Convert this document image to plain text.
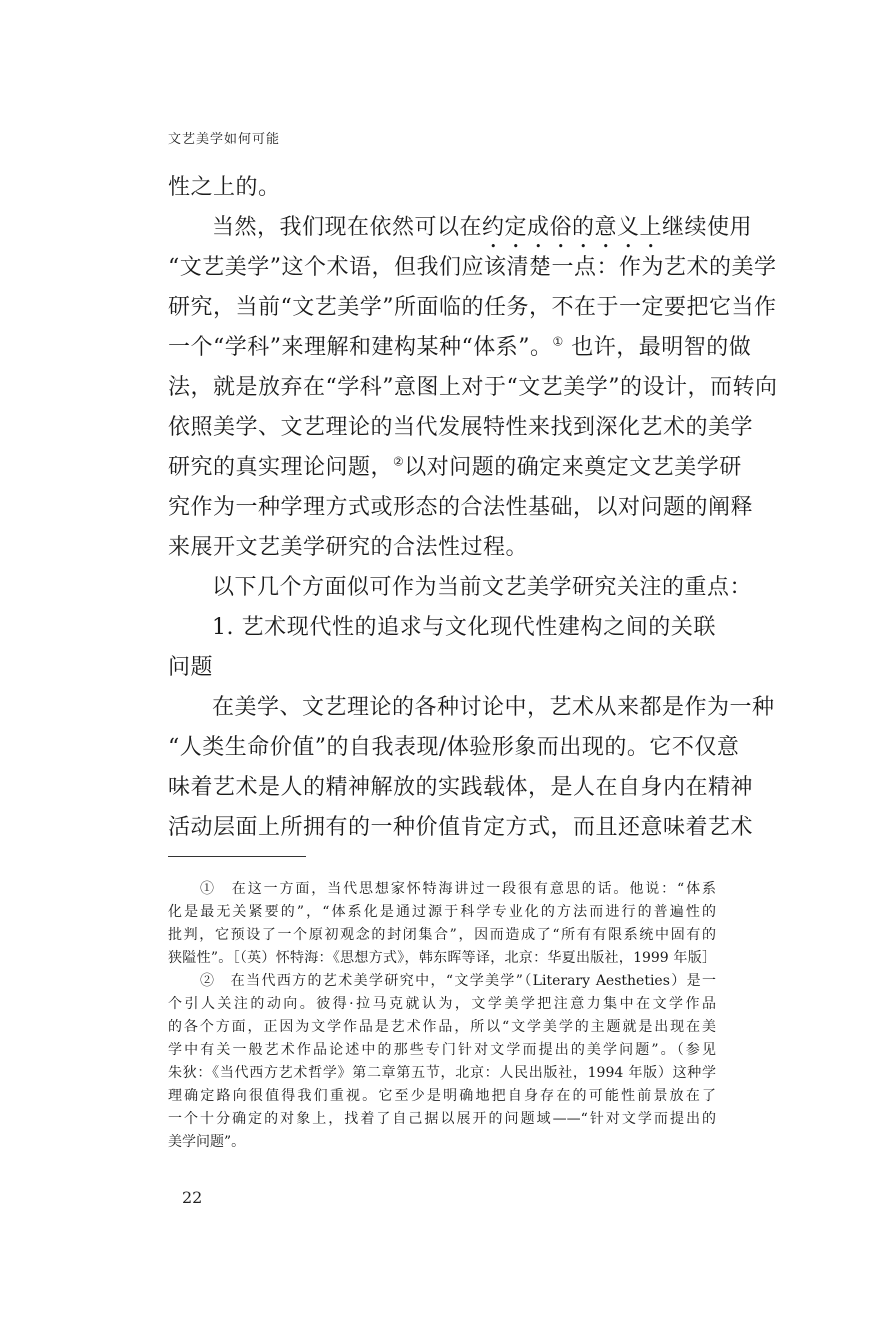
文艺美学如何可能
性之上的。
当然，我们现在依然可以在约定成俗的意义上继续使用
“文艺美学”这个术语，但我们应该清楚一点：作为艺术的美学
研究，当前“文艺美学”所面临的任务，不在于一定要把它当作
一个“学科”来理解和建构某种“体系”。① 也许，最明智的做
法，就是放弃在“学科”意图上对于“文艺美学”的设计，而转向
依照美学、文艺理论的当代发展特性来找到深化艺术的美学
研究的真实理论问题，②以对问题的确定来奠定文艺美学研
究作为一种学理方式或形态的合法性基础，以对问题的阐释
来展开文艺美学研究的合法性过程。
以下几个方面似可作为当前文艺美学研究关注的重点：
1. 艺术现代性的追求与文化现代性建构之间的关联
问题
在美学、文艺理论的各种讨论中，艺术从来都是作为一种
“人类生命价值”的自我表现/体验形象而出现的。它不仅意
味着艺术是人的精神解放的实践载体，是人在自身内在精神
活动层面上所拥有的一种价值肯定方式，而且还意味着艺术
①　在这一方面，当代思想家怀特海讲过一段很有意思的话。他说：“体系
化是最无关紧要的”，“体系化是通过源于科学专业化的方法而进行的普遍性的
批判，它预设了一个原初观念的封闭集合”，因而造成了“所有有限系统中固有的
狭隘性”。［（英）怀特海：《思想方式》，韩东晖等译，北京：华夏出版社，1999 年版］
②　在当代西方的艺术美学研究中，“文学美学”（Literary Aestheties）是一
个引人关注的动向。彼得·拉马克就认为，文学美学把注意力集中在文学作品
的各个方面，正因为文学作品是艺术作品，所以“文学美学的主题就是出现在美
学中有关一般艺术作品论述中的那些专门针对文学而提出的美学问题”。（参见
朱狄：《当代西方艺术哲学》第二章第五节，北京：人民出版社，1994 年版）这种学
理确定路向很值得我们重视。它至少是明确地把自身存在的可能性前景放在了
一个十分确定的对象上，找着了自己据以展开的问题域——“针对文学而提出的
美学问题”。
22
